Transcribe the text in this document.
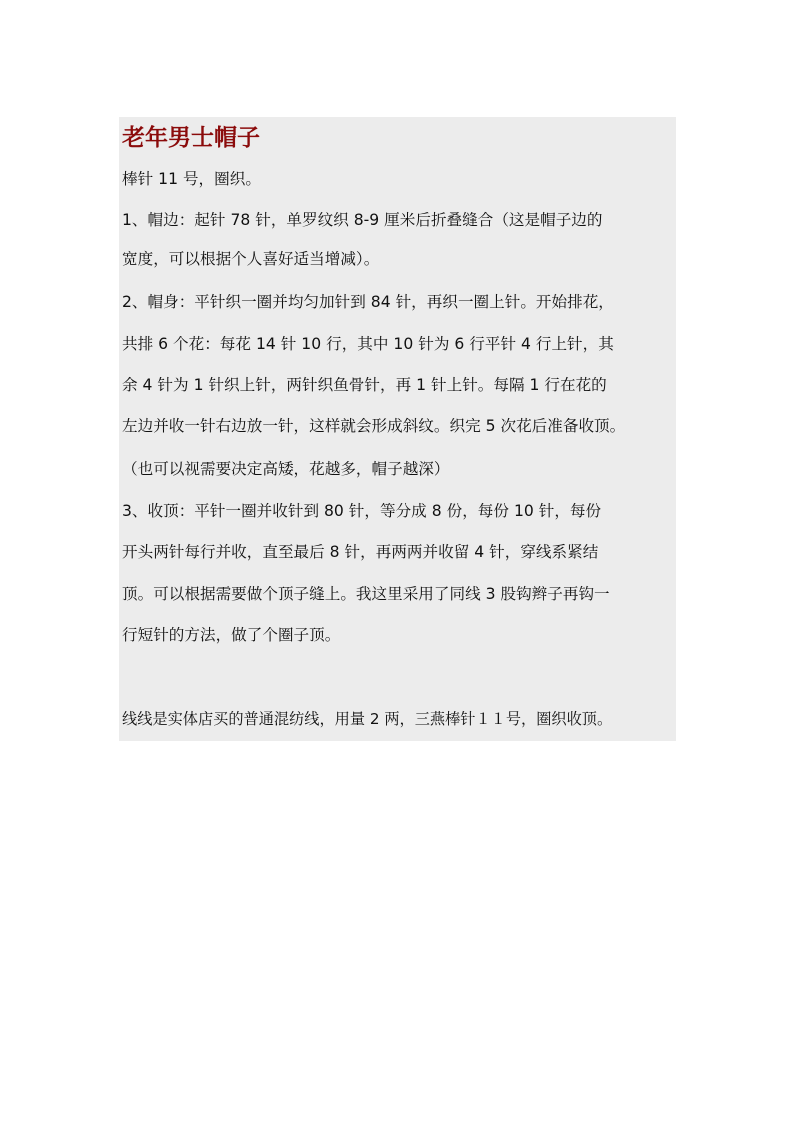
老年男士帽子

棒针 11 号，圈织。

1、帽边：起针 78 针，单罗纹织 8-9 厘米后折叠缝合（这是帽子边的

宽度，可以根据个人喜好适当增减）。

2、帽身：平针织一圈并均匀加针到 84 针，再织一圈上针。开始排花，

共排 6 个花：每花 14 针 10 行，其中 10 针为 6 行平针 4 行上针，其

余 4 针为 1 针织上针，两针织鱼骨针，再 1 针上针。每隔 1 行在花的

左边并收一针右边放一针，这样就会形成斜纹。织完 5 次花后准备收顶。

（也可以视需要决定高矮，花越多，帽子越深）

3、收顶：平针一圈并收针到 80 针，等分成 8 份，每份 10 针，每份

开头两针每行并收，直至最后 8 针，再两两并收留 4 针，穿线系紧结

顶。可以根据需要做个顶子缝上。我这里采用了同线 3 股钩辫子再钩一

行短针的方法，做了个圈子顶。

线线是实体店买的普通混纺线，用量 2 两，三燕棒针１１号，圈织收顶。
